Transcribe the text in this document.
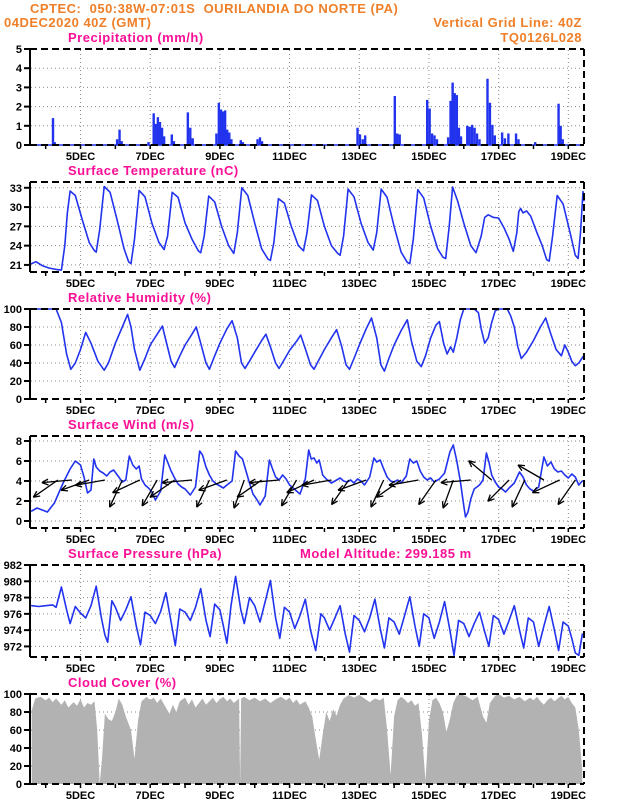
CPTEC:  050:38W-07:01S  OURILANDIA DO NORTE (PA)
04DEC2020 40Z (GMT)	Vertical Grid Line: 40Z
Precipitation (mm/h)	TQ0126L028
0
1
2
3
4
5
5DEC	7DEC	9DEC	11DEC	13DEC	15DEC	17DEC	19DEC
Surface Temperature (nC)
21
24
27
30
33
5DEC	7DEC	9DEC	11DEC	13DEC	15DEC	17DEC	19DEC
Relative Humidity (%)
0
20
40
60
80
100
5DEC	7DEC	9DEC	11DEC	13DEC	15DEC	17DEC	19DEC
Surface Wind (m/s)
0
2
4
6
8
5DEC	7DEC	9DEC	11DEC	13DEC	15DEC	17DEC	19DEC
Surface Pressure (hPa)	Model Altitude: 299.185 m
972
974
976
978
980
982
5DEC	7DEC	9DEC	11DEC	13DEC	15DEC	17DEC	19DEC
Cloud Cover (%)
0
20
40
60
80
100
5DEC	7DEC	9DEC	11DEC	13DEC	15DEC	17DEC	19DEC
